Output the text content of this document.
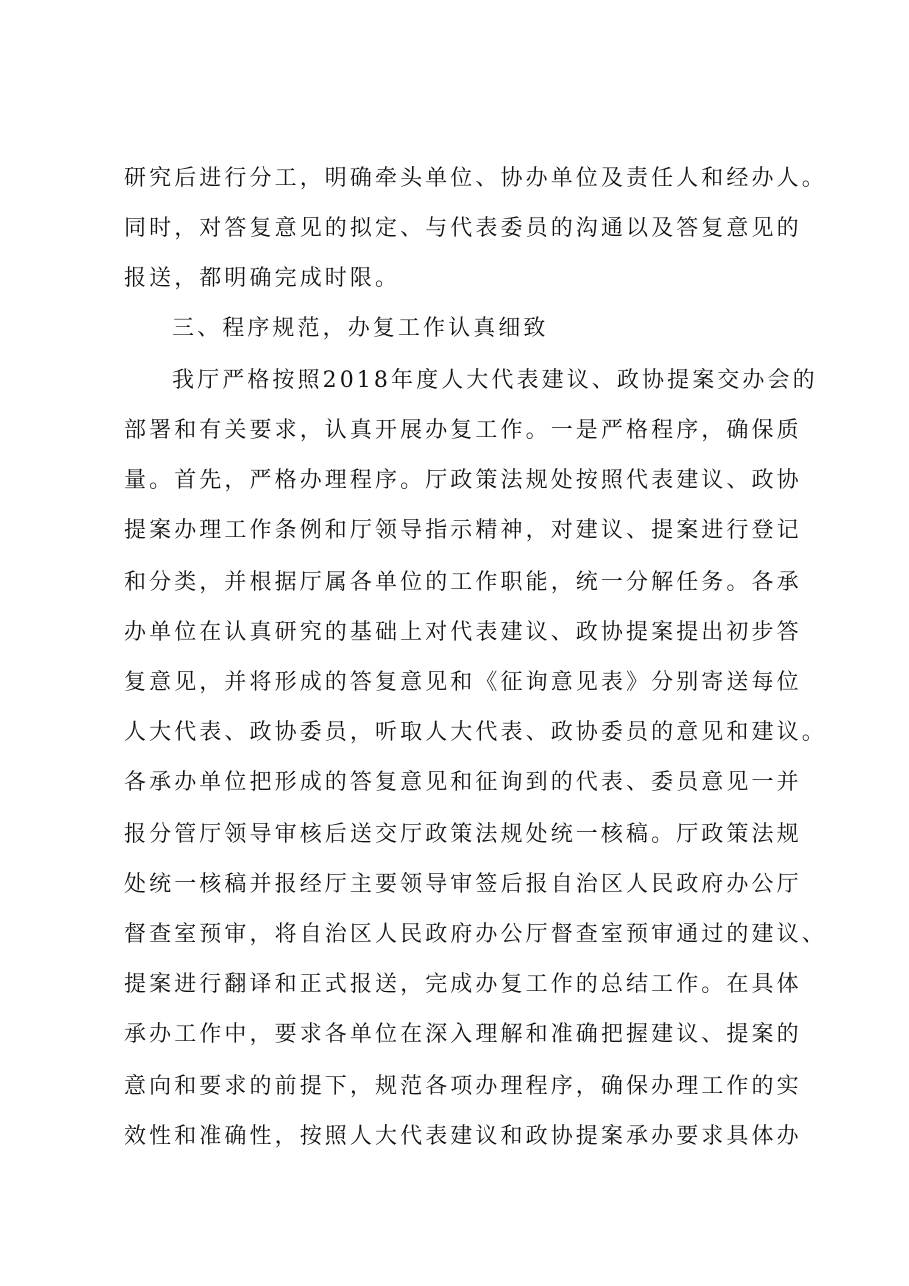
研究后进行分工，明确牵头单位、协办单位及责任人和经办人。
同时，对答复意见的拟定、与代表委员的沟通以及答复意见的
报送，都明确完成时限。
三、程序规范，办复工作认真细致
我厅严格按照2018年度人大代表建议、政协提案交办会的
部署和有关要求，认真开展办复工作。一是严格程序，确保质
量。首先，严格办理程序。厅政策法规处按照代表建议、政协
提案办理工作条例和厅领导指示精神，对建议、提案进行登记
和分类，并根据厅属各单位的工作职能，统一分解任务。各承
办单位在认真研究的基础上对代表建议、政协提案提出初步答
复意见，并将形成的答复意见和《征询意见表》分别寄送每位
人大代表、政协委员，听取人大代表、政协委员的意见和建议。
各承办单位把形成的答复意见和征询到的代表、委员意见一并
报分管厅领导审核后送交厅政策法规处统一核稿。厅政策法规
处统一核稿并报经厅主要领导审签后报自治区人民政府办公厅
督查室预审，将自治区人民政府办公厅督查室预审通过的建议、
提案进行翻译和正式报送，完成办复工作的总结工作。在具体
承办工作中，要求各单位在深入理解和准确把握建议、提案的
意向和要求的前提下，规范各项办理程序，确保办理工作的实
效性和准确性，按照人大代表建议和政协提案承办要求具体办
